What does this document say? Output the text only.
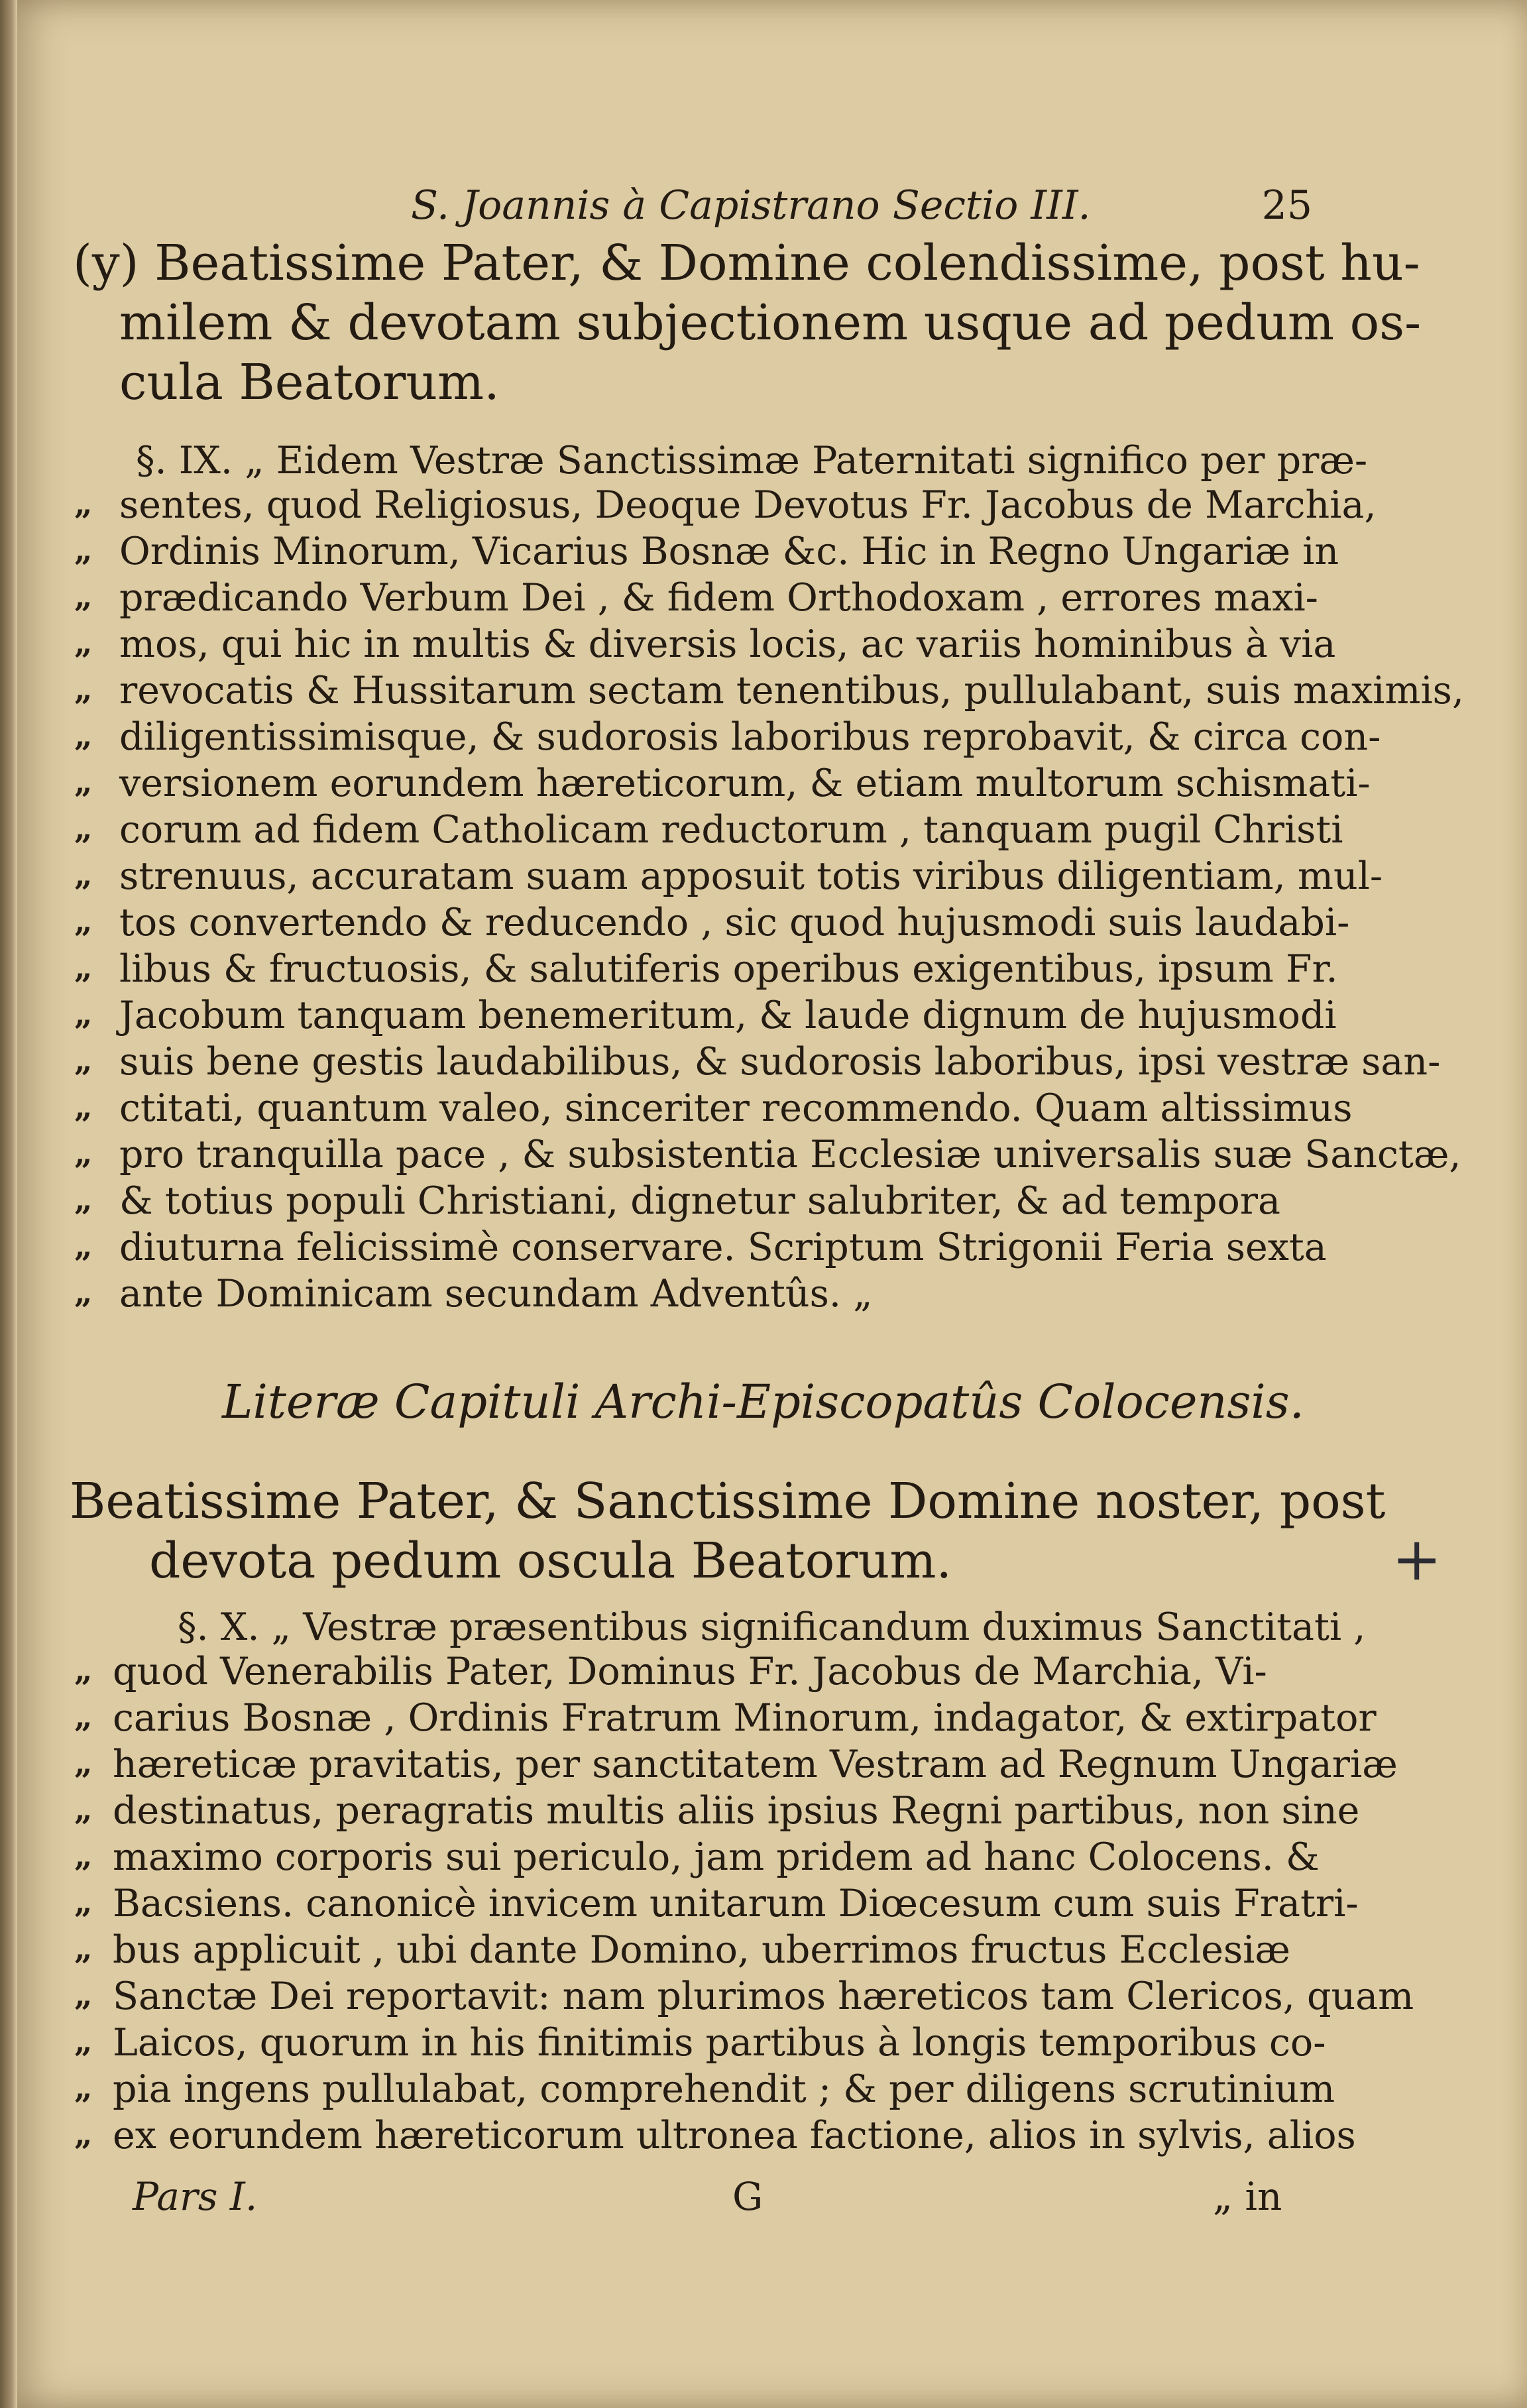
S. Joannis à Capistrano Sectio III.	25
(y) Beatissime Pater, & Domine colendissime, post hu-
milem & devotam subjectionem usque ad pedum os-
cula Beatorum.
§. IX. „ Eidem Vestræ Sanctissimæ Paternitati significo per præ-
„ sentes, quod Religiosus, Deoque Devotus Fr. Jacobus de Marchia,
„ Ordinis Minorum, Vicarius Bosnæ &c. Hic in Regno Ungariæ in
„ prædicando Verbum Dei , & fidem Orthodoxam , errores maxi-
„ mos, qui hic in multis & diversis locis, ac variis hominibus à via
„ revocatis & Hussitarum sectam tenentibus, pullulabant, suis maximis,
„ diligentissimisque, & sudorosis laboribus reprobavit, & circa con-
„ versionem eorundem hæreticorum, & etiam multorum schismati-
„ corum ad fidem Catholicam reductorum , tanquam pugil Christi
„ strenuus, accuratam suam apposuit totis viribus diligentiam, mul-
„ tos convertendo & reducendo , sic quod hujusmodi suis laudabi-
„ libus & fructuosis, & salutiferis operibus exigentibus, ipsum Fr.
„ Jacobum tanquam benemeritum, & laude dignum de hujusmodi
„ suis bene gestis laudabilibus, & sudorosis laboribus, ipsi vestræ san-
„ ctitati, quantum valeo, sinceriter recommendo. Quam altissimus
„ pro tranquilla pace , & subsistentia Ecclesiæ universalis suæ Sanctæ,
„ & totius populi Christiani, dignetur salubriter, & ad tempora
„ diuturna felicissimè conservare. Scriptum Strigonii Feria sexta
„ ante Dominicam secundam Adventûs. „
Literæ Capituli Archi-Episcopatûs Colocensis.
Beatissime Pater, & Sanctissime Domine noster, post
devota pedum oscula Beatorum.
§. X. „ Vestræ præsentibus significandum duximus Sanctitati ,
„ quod Venerabilis Pater, Dominus Fr. Jacobus de Marchia, Vi-
„ carius Bosnæ , Ordinis Fratrum Minorum, indagator, & extirpator
„ hæreticæ pravitatis, per sanctitatem Vestram ad Regnum Ungariæ
„ destinatus, peragratis multis aliis ipsius Regni partibus, non sine
„ maximo corporis sui periculo, jam pridem ad hanc Colocens. &
„ Bacsiens. canonicè invicem unitarum Diœcesum cum suis Fratri-
„ bus applicuit , ubi dante Domino, uberrimos fructus Ecclesiæ
„ Sanctæ Dei reportavit: nam plurimos hæreticos tam Clericos, quam
„ Laicos, quorum in his finitimis partibus à longis temporibus co-
„ pia ingens pullulabat, comprehendit ; & per diligens scrutinium
„ ex eorundem hæreticorum ultronea factione, alios in sylvis, alios
Pars I.	G	„ in
+
